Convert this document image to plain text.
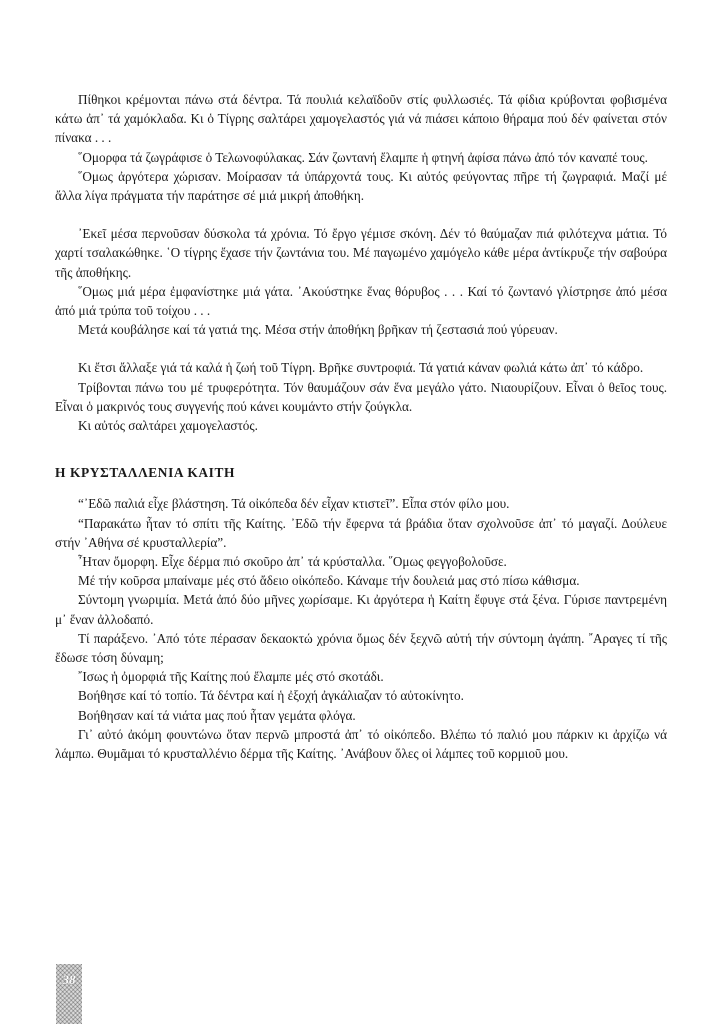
Πίθηκοι κρέμονται πάνω στά δέντρα. Τά πουλιά κελαϊδοῦν στίς φυλλωσιές. Τά φίδια κρύβονται φοβισμένα κάτω ἀπ᾽ τά χαμόκλαδα. Κι ὁ Τίγρης σαλτάρει χαμογελαστός γιά νά πιάσει κάποιο θήραμα πού δέν φαίνεται στόν πίνακα . . .

῞Ομορφα τά ζωγράφισε ὁ Τελωνοφύλακας. Σάν ζωντανή ἔλαμπε ἡ φτηνή ἀφίσα πάνω ἀπό τόν καναπέ τους.

῞Ομως ἀργότερα χώρισαν. Μοίρασαν τά ὑπάρχοντά τους. Κι αὐτός φεύγοντας πῆρε τή ζωγραφιά. Μαζί μέ ἄλλα λίγα πράγματα τήν παράτησε σέ μιά μικρή ἀποθήκη.

᾽Εκεῖ μέσα περνοῦσαν δύσκολα τά χρόνια. Τό ἔργο γέμισε σκόνη. Δέν τό θαύμαζαν πιά φιλότεχνα μάτια. Τό χαρτί τσαλακώθηκε. ῾Ο τίγρης ἔχασε τήν ζωντάνια του. Μέ παγωμένο χαμόγελο κάθε μέρα ἀντίκρυζε τήν σαβούρα τῆς ἀποθήκης.

῞Ομως μιά μέρα ἐμφανίστηκε μιά γάτα. ᾽Ακούστηκε ἕνας θόρυβος . . . Καί τό ζωντανό γλίστρησε ἀπό μέσα ἀπό μιά τρύπα τοῦ τοίχου . . .

Μετά κουβάλησε καί τά γατιά της. Μέσα στήν ἀποθήκη βρῆκαν τή ζεστασιά πού γύρευαν.

Κι ἔτσι ἄλλαξε γιά τά καλά ἡ ζωή τοῦ Τίγρη. Βρῆκε συντροφιά. Τά γατιά κάναν φωλιά κάτω ἀπ᾽ τό κάδρο.

Τρίβονται πάνω του μέ τρυφερότητα. Τόν θαυμάζουν σάν ἕνα μεγάλο γάτο. Νιαουρίζουν. Εἶναι ὁ θεῖος τους. Εἶναι ὁ μακρινός τους συγγενής πού κάνει κουμάντο στήν ζούγκλα.

Κι αὐτός σαλτάρει χαμογελαστός.

Η ΚΡΥΣΤΑΛΛΕΝΙΑ ΚΑΙΤΗ

“᾽Εδῶ παλιά εἶχε βλάστηση. Τά οἰκόπεδα δέν εἶχαν κτιστεῖ”. Εἶπα στόν φίλο μου.

“Παρακάτω ἦταν τό σπίτι τῆς Καίτης. ᾽Εδῶ τήν ἔφερνα τά βράδια ὅταν σχολνοῦσε ἀπ᾽ τό μαγαζί. Δούλευε στήν ᾽Αθήνα σέ κρυσταλλερία”.

῏Ηταν ὄμορφη. Εἶχε δέρμα πιό σκοῦρο ἀπ᾽ τά κρύσταλλα. ῞Ομως φεγγοβολοῦσε.

Μέ τήν κοῦρσα μπαίναμε μές στό ἄδειο οἰκόπεδο. Κάναμε τήν δουλειά μας στό πίσω κάθισμα.

Σύντομη γνωριμία. Μετά ἀπό δύο μῆνες χωρίσαμε. Κι ἀργότερα ἡ Καίτη ἔφυγε στά ξένα. Γύρισε παντρεμένη μ᾽ ἕναν ἀλλοδαπό.

Τί παράξενο. ᾽Από τότε πέρασαν δεκαοκτώ χρόνια ὅμως δέν ξεχνῶ αὐτή τήν σύντομη ἀγάπη. ῎Αραγες τί τῆς ἔδωσε τόση δύναμη;

῎Ισως ἡ ὀμορφιά τῆς Καίτης πού ἔλαμπε μές στό σκοτάδι.

Βοήθησε καί τό τοπίο. Τά δέντρα καί ἡ ἐξοχή ἀγκάλιαζαν τό αὐτοκίνητο.

Βοήθησαν καί τά νιάτα μας πού ἦταν γεμάτα φλόγα.

Γι᾽ αὐτό ἀκόμη φουντώνω ὅταν περνῶ μπροστά ἀπ᾽ τό οἰκόπεδο. Βλέπω τό παλιό μου πάρκιν κι ἀρχίζω νά λάμπω. Θυμᾶμαι τό κρυσταλλένιο δέρμα τῆς Καίτης. ᾽Ανάβουν ὅλες οἱ λάμπες τοῦ κορμιοῦ μου.

38
